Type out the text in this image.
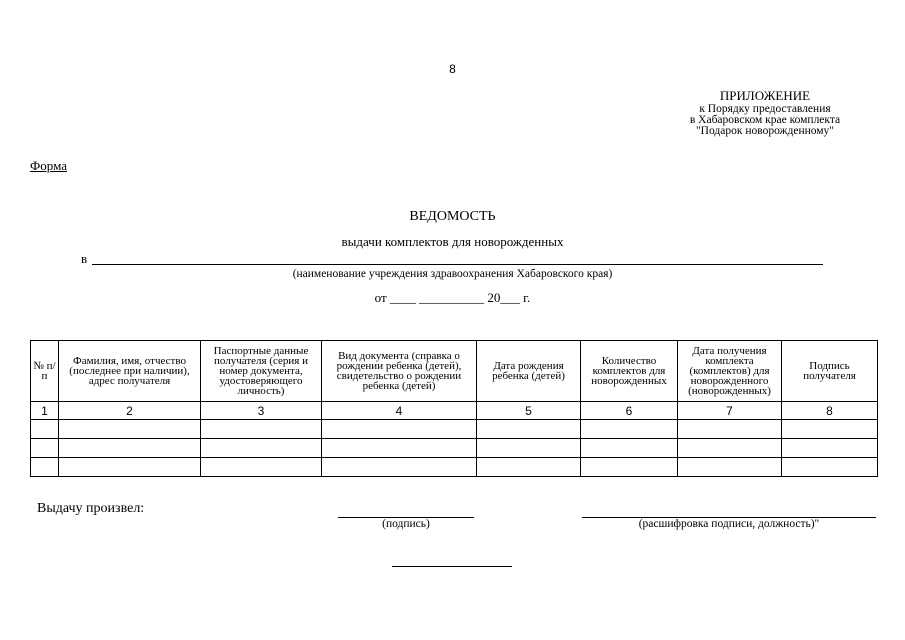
8
ПРИЛОЖЕНИЕ
к Порядку предоставления
в Хабаровском крае комплекта
"Подарок новорожденному"
Форма
ВЕДОМОСТЬ
выдачи комплектов для новорожденных
в
(наименование учреждения здравоохранения Хабаровского края)
от ____ __________ 20___ г.
№ п/п	Фамилия, имя, отчество (последнее при наличии), адрес получателя	Паспортные данные получателя (серия и номер документа, удостоверяющего личность)	Вид документа (справка о рождении ребенка (детей), свидетельство о рождении ребенка (детей)	Дата рождения ребенка (детей)	Количество комплектов для новорожденных	Дата получения комплекта (комплектов) для новорожденного (новорожденных)	Подпись получателя
1	2	3	4	5	6	7	8

Выдачу произвел:
(подпись)	(расшифровка подписи, должность)"
